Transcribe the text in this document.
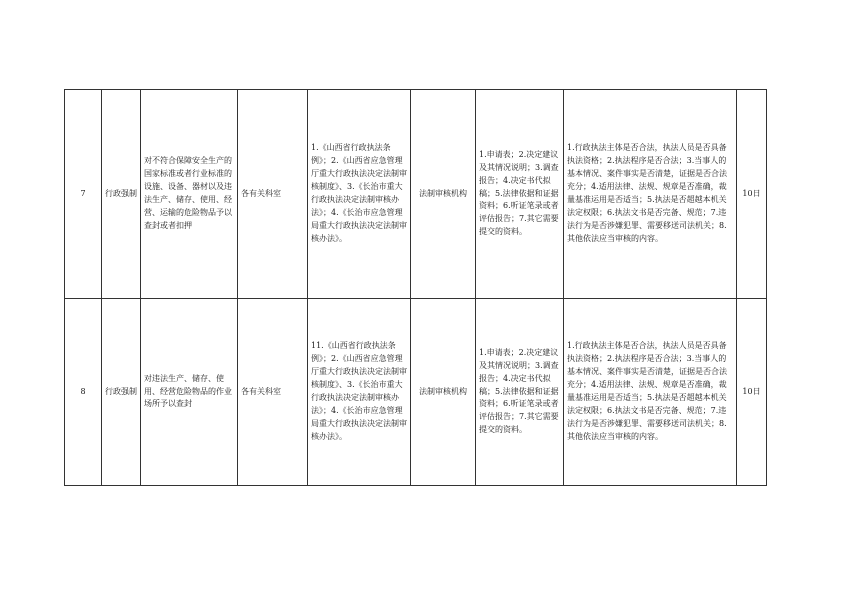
7	行政强制	对不符合保障安全生产的国家标准或者行业标准的设施、设备、器材以及违法生产、储存、使用、经营、运输的危险物品予以查封或者扣押	各有关科室	1.《山西省行政执法条例》；2.《山西省应急管理厅重大行政执法决定法制审核制度》、3.《长治市重大行政执法决定法制审核办法》；4.《长治市应急管理局重大行政执法决定法制审核办法》。	法制审核机构	1.申请表；2.决定建议及其情况说明；3.调查报告；4.决定书代拟稿；5.法律依据和证据资料；6.听证笔录或者评估报告；7.其它需要提交的资料。	1.行政执法主体是否合法，执法人员是否具备执法资格；2.执法程序是否合法；3.当事人的基本情况、案件事实是否清楚，证据是否合法充分；4.适用法律、法规、规章是否准确，裁量基准运用是否适当；5.执法是否超越本机关法定权限；6.执法文书是否完备、规范；7.违法行为是否涉嫌犯罪、需要移送司法机关；8.其他依法应当审核的内容。	10日
8	行政强制	对违法生产、储存、使用、经营危险物品的作业场所予以查封	各有关科室	11.《山西省行政执法条例》；2.《山西省应急管理厅重大行政执法决定法制审核制度》、3.《长治市重大行政执法决定法制审核办法》；4.《长治市应急管理局重大行政执法决定法制审核办法》。	法制审核机构	1.申请表；2.决定建议及其情况说明；3.调查报告；4.决定书代拟稿；5.法律依据和证据资料；6.听证笔录或者评估报告；7.其它需要提交的资料。	1.行政执法主体是否合法，执法人员是否具备执法资格；2.执法程序是否合法；3.当事人的基本情况、案件事实是否清楚，证据是否合法充分；4.适用法律、法规、规章是否准确，裁量基准运用是否适当；5.执法是否超越本机关法定权限；6.执法文书是否完备、规范；7.违法行为是否涉嫌犯罪、需要移送司法机关；8.其他依法应当审核的内容。	10日
